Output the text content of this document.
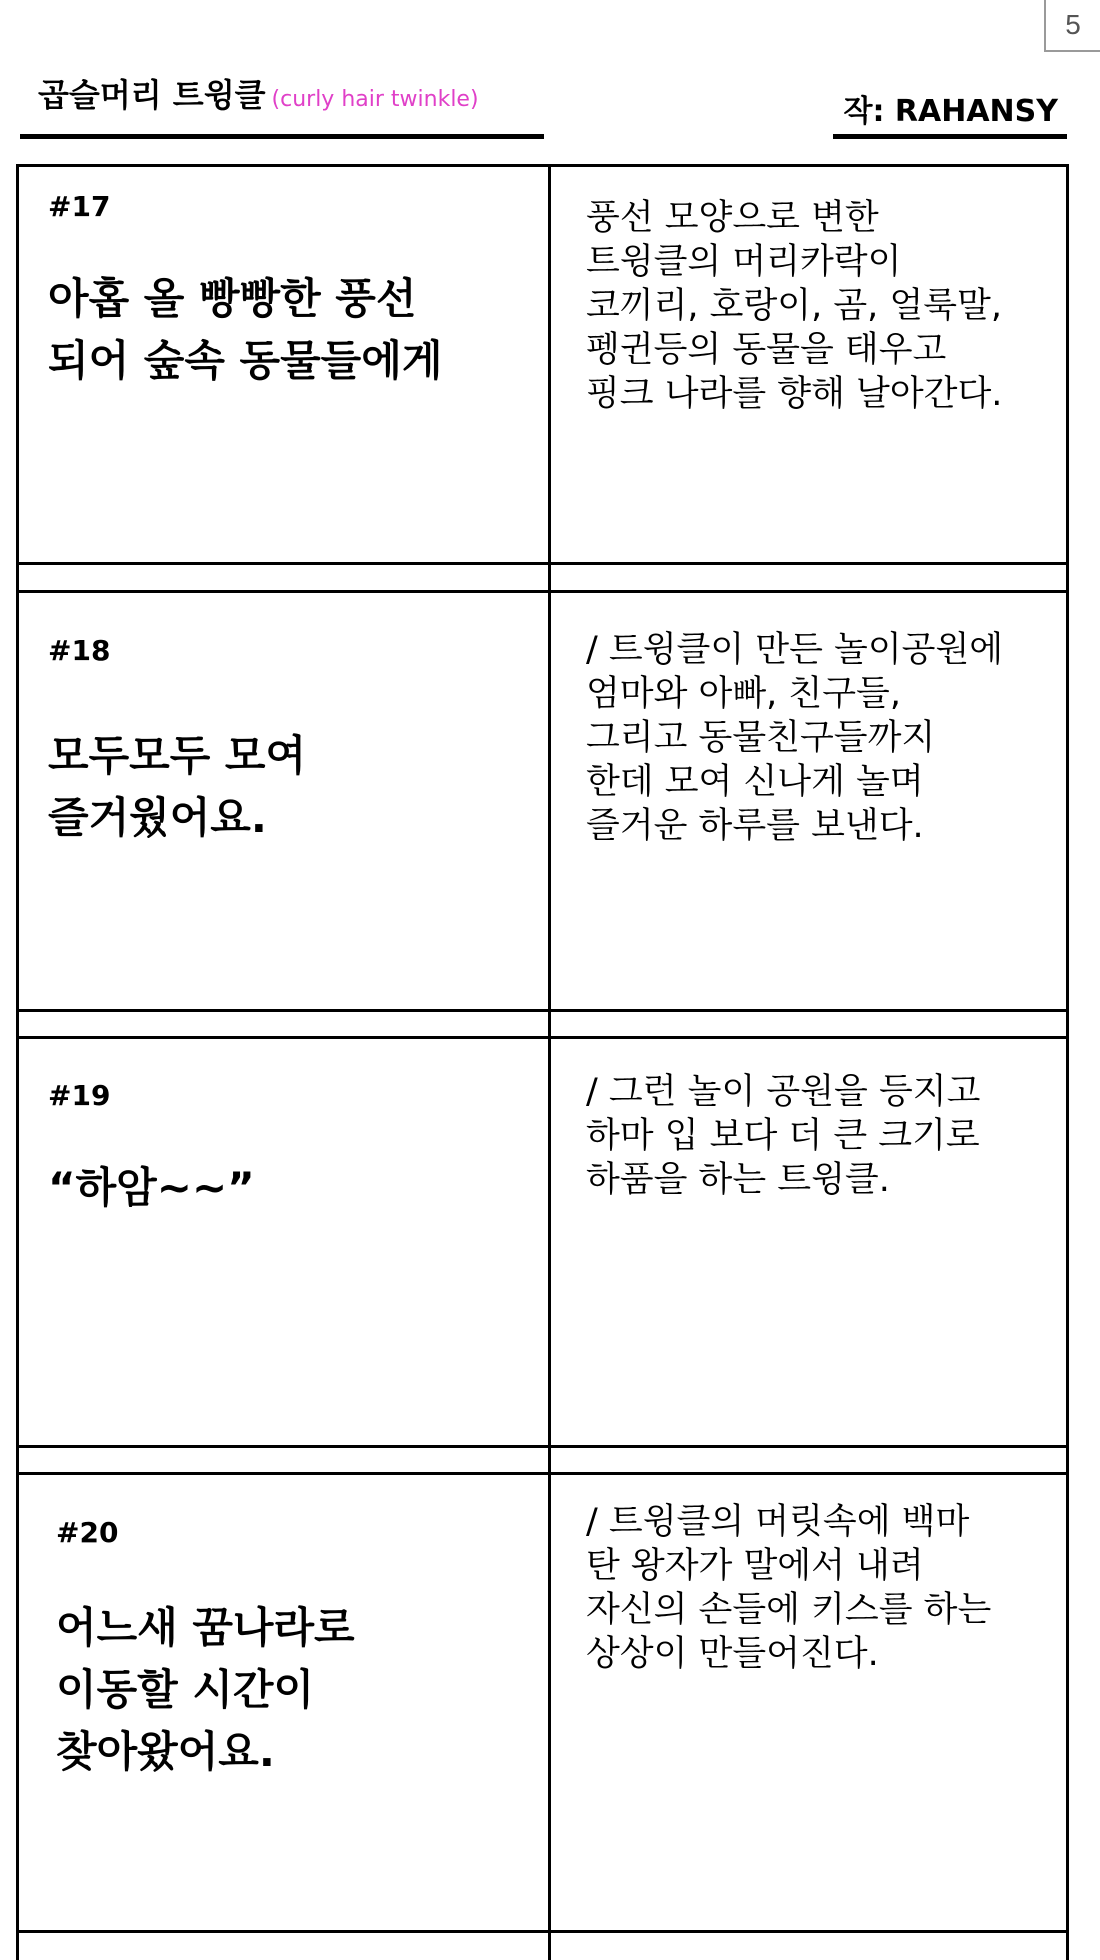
5
곱슬머리 트윙클 (curly hair twinkle)	작: RAHANSY
#17
아홉 올 빵빵한 풍선
되어 숲속 동물들에게
풍선 모양으로 변한
트윙클의 머리카락이
코끼리, 호랑이, 곰, 얼룩말,
펭귄등의 동물을 태우고
핑크 나라를 향해 날아간다.
#18
모두모두 모여
즐거웠어요.
/ 트윙클이 만든 놀이공원에
엄마와 아빠, 친구들,
그리고 동물친구들까지
한데 모여 신나게 놀며
즐거운 하루를 보낸다.
#19
“하암~~”
/ 그런 놀이 공원을 등지고
하마 입 보다 더 큰 크기로
하품을 하는 트윙클.
#20
어느새 꿈나라로
이동할 시간이
찾아왔어요.
/ 트윙클의 머릿속에 백마
탄 왕자가 말에서 내려
자신의 손들에 키스를 하는
상상이 만들어진다.
